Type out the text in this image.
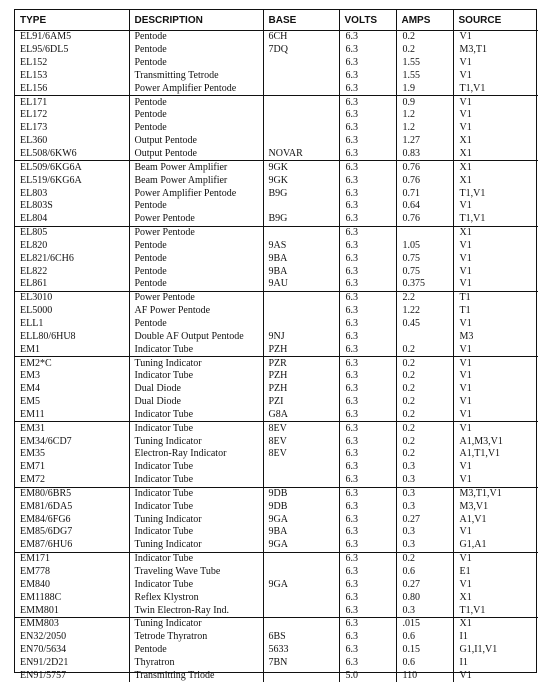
TYPE	DESCRIPTION	BASE	VOLTS	AMPS	SOURCE
EL91/6AM5	Pentode	6CH	6.3	0.2	V1
EL95/6DL5	Pentode	7DQ	6.3	0.2	M3,T1
EL152	Pentode		6.3	1.55	V1
EL153	Transmitting Tetrode		6.3	1.55	V1
EL156	Power Amplifier Pentode		6.3	1.9	T1,V1
EL171	Pentode		6.3	0.9	V1
EL172	Pentode		6.3	1.2	V1
EL173	Pentode		6.3	1.2	V1
EL360	Output Pentode		6.3	1.27	X1
EL508/6KW6	Output Pentode	NOVAR	6.3	0.83	X1
EL509/6KG6A	Beam Power Amplifier	9GK	6.3	0.76	X1
EL519/6KG6A	Beam Power Amplifier	9GK	6.3	0.76	X1
EL803	Power Amplifier Pentode	B9G	6.3	0.71	T1,V1
EL803S	Pentode		6.3	0.64	V1
EL804	Power Pentode	B9G	6.3	0.76	T1,V1
EL805	Power Pentode		6.3		X1
EL820	Pentode	9AS	6.3	1.05	V1
EL821/6CH6	Pentode	9BA	6.3	0.75	V1
EL822	Pentode	9BA	6.3	0.75	V1
EL861	Pentode	9AU	6.3	0.375	V1
EL3010	Power Pentode		6.3	2.2	T1
EL5000	AF Power Pentode		6.3	1.22	T1
ELL1	Pentode		6.3	0.45	V1
ELL80/6HU8	Double AF Output Pentode	9NJ	6.3		M3
EM1	Indicator Tube	PZH	6.3	0.2	V1
EM2*C	Tuning Indicator	PZR	6.3	0.2	V1
EM3	Indicator Tube	PZH	6.3	0.2	V1
EM4	Dual Diode	PZH	6.3	0.2	V1
EM5	Dual Diode	PZI	6.3	0.2	V1
EM11	Indicator Tube	G8A	6.3	0.2	V1
EM31	Indicator Tube	8EV	6.3	0.2	V1
EM34/6CD7	Tuning Indicator	8EV	6.3	0.2	A1,M3,V1
EM35	Electron-Ray Indicator	8EV	6.3	0.2	A1,T1,V1
EM71	Indicator Tube		6.3	0.3	V1
EM72	Indicator Tube		6.3	0.3	V1
EM80/6BR5	Indicator Tube	9DB	6.3	0.3	M3,T1,V1
EM81/6DA5	Indicator Tube	9DB	6.3	0.3	M3,V1
EM84/6FG6	Tuning Indicator	9GA	6.3	0.27	A1,V1
EM85/6DG7	Indicator Tube	9BA	6.3	0.3	V1
EM87/6HU6	Tuning Indicator	9GA	6.3	0.3	G1,A1
EM171	Indicator Tube		6.3	0.2	V1
EM778	Traveling Wave Tube		6.3	0.6	E1
EM840	Indicator Tube	9GA	6.3	0.27	V1
EM1188C	Reflex Klystron		6.3	0.80	X1
EMM801	Twin Electron-Ray Ind.		6.3	0.3	T1,V1
EMM803	Tuning Indicator		6.3	.015	X1
EN32/2050	Tetrode Thyratron	6BS	6.3	0.6	I1
EN70/5634	Pentode	5633	6.3	0.15	G1,I1,V1
EN91/2D21	Thyratron	7BN	6.3	0.6	I1
EN91/5757	Transmitting Triode		5.0	110	V1
